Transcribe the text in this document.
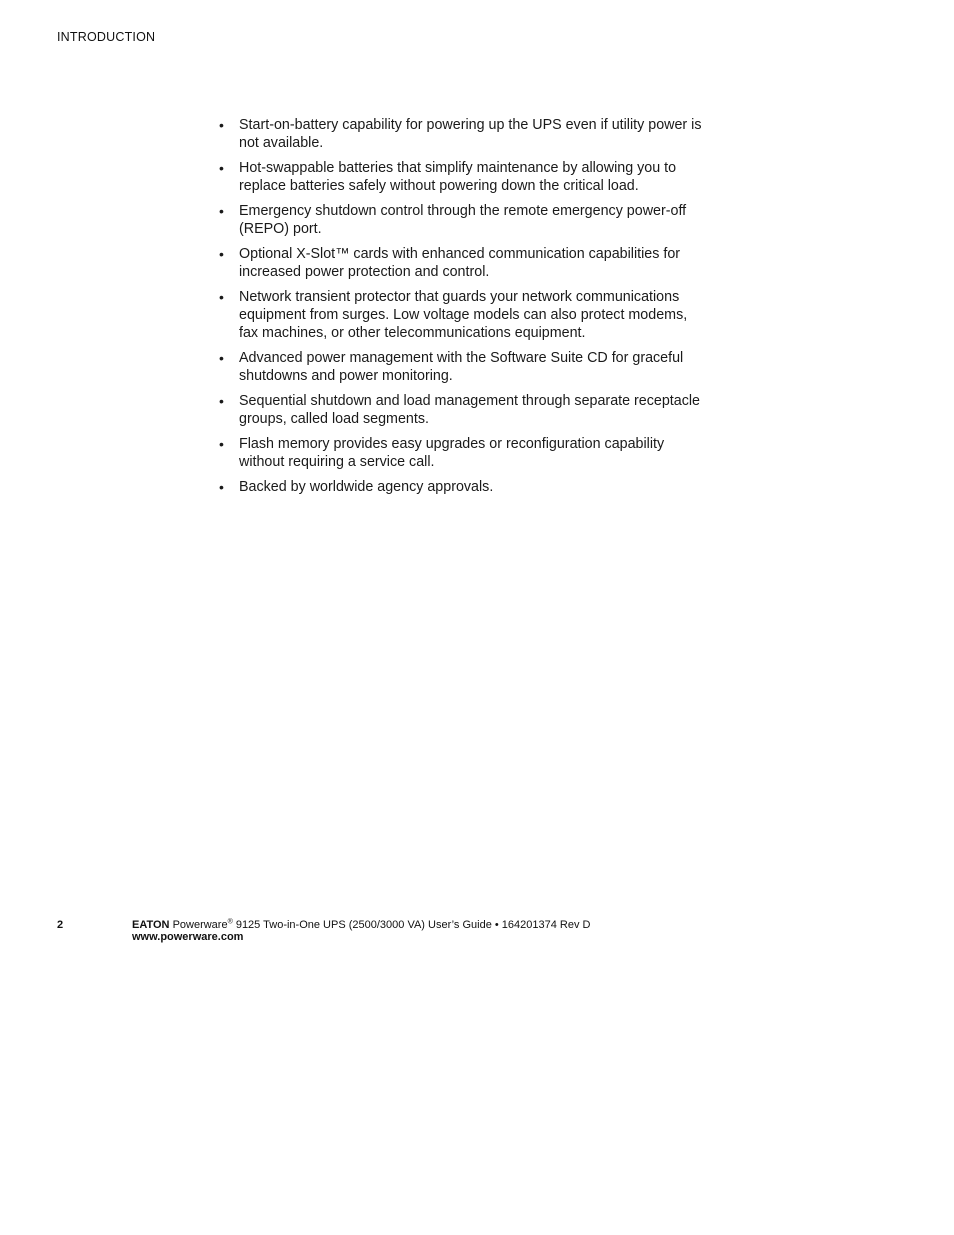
INTRODUCTION
•	Start-on-battery capability for powering up the UPS even if utility power is not available.
•	Hot-swappable batteries that simplify maintenance by allowing you to replace batteries safely without powering down the critical load.
•	Emergency shutdown control through the remote emergency power-off (REPO) port.
•	Optional X-Slot™ cards with enhanced communication capabilities for increased power protection and control.
•	Network transient protector that guards your network communications equipment from surges. Low voltage models can also protect modems, fax machines, or other telecommunications equipment.
•	Advanced power management with the Software Suite CD for graceful shutdowns and power monitoring.
•	Sequential shutdown and load management through separate receptacle groups, called load segments.
•	Flash memory provides easy upgrades or reconfiguration capability without requiring a service call.
•	Backed by worldwide agency approvals.
2	EATON Powerware® 9125 Two-in-One UPS (2500/3000 VA) User’s Guide • 164201374 Rev D
www.powerware.com
